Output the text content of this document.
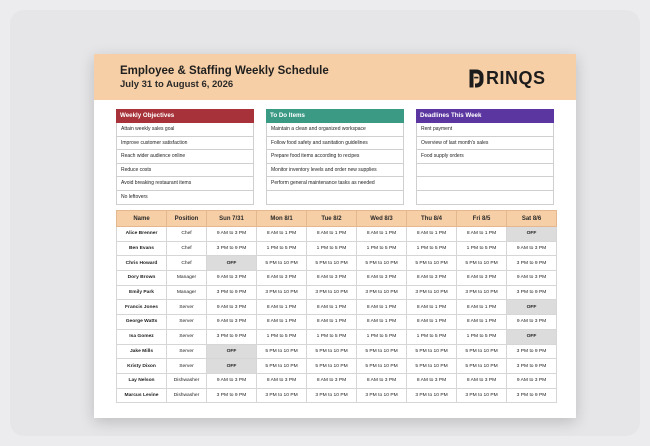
Employee & Staffing Weekly Schedule
July 31 to August 6, 2026	RINQS
Weekly Objectives
Attain weekly sales goal
Improve customer satisfaction
Reach wider audience online
Reduce costs
Avoid breaking restaurant items
No leftovers
To Do Items
Maintain a clean and organized workspace
Follow food safety and sanitation guidelines
Prepare food items according to recipes
Monitor inventory levels and order new supplies
Perform general maintenance tasks as needed
Deadlines This Week
Rent payment
Overview of last month's sales
Food supply orders
Name	Position	Sun 7/31	Mon 8/1	Tue 8/2	Wed 8/3	Thu 8/4	Fri 8/5	Sat 8/6
Alice Brenner	Chef	9 AM to 3 PM	8 AM to 1 PM	8 AM to 1 PM	8 AM to 1 PM	8 AM to 1 PM	8 AM to 1 PM	OFF
Ben Evans	Chef	3 PM to 9 PM	1 PM to 5 PM	1 PM to 5 PM	1 PM to 5 PM	1 PM to 5 PM	1 PM to 5 PM	9 AM to 3 PM
Chris Howard	Chef	OFF	5 PM to 10 PM	5 PM to 10 PM	5 PM to 10 PM	5 PM to 10 PM	5 PM to 10 PM	3 PM to 9 PM
Dory Brown	Manager	9 AM to 3 PM	8 AM to 3 PM	8 AM to 3 PM	8 AM to 3 PM	8 AM to 3 PM	8 AM to 3 PM	9 AM to 3 PM
Emily Park	Manager	3 PM to 9 PM	3 PM to 10 PM	3 PM to 10 PM	3 PM to 10 PM	3 PM to 10 PM	3 PM to 10 PM	3 PM to 9 PM
Francis Jones	Server	9 AM to 3 PM	8 AM to 1 PM	8 AM to 1 PM	8 AM to 1 PM	8 AM to 1 PM	8 AM to 1 PM	OFF
George Watts	Server	9 AM to 3 PM	8 AM to 1 PM	8 AM to 1 PM	8 AM to 1 PM	8 AM to 1 PM	8 AM to 1 PM	9 AM to 3 PM
Isa Gomez	Server	3 PM to 9 PM	1 PM to 5 PM	1 PM to 5 PM	1 PM to 5 PM	1 PM to 5 PM	1 PM to 5 PM	OFF
Jake Mills	Server	OFF	5 PM to 10 PM	5 PM to 10 PM	5 PM to 10 PM	5 PM to 10 PM	5 PM to 10 PM	3 PM to 9 PM
Kristy Dixon	Server	OFF	5 PM to 10 PM	5 PM to 10 PM	5 PM to 10 PM	5 PM to 10 PM	5 PM to 10 PM	3 PM to 9 PM
Lay Nelson	Dishwasher	9 AM to 3 PM	8 AM to 3 PM	8 AM to 3 PM	8 AM to 3 PM	8 AM to 3 PM	8 AM to 3 PM	9 AM to 3 PM
Marcus Levine	Dishwasher	3 PM to 9 PM	3 PM to 10 PM	3 PM to 10 PM	3 PM to 10 PM	3 PM to 10 PM	3 PM to 10 PM	3 PM to 9 PM
